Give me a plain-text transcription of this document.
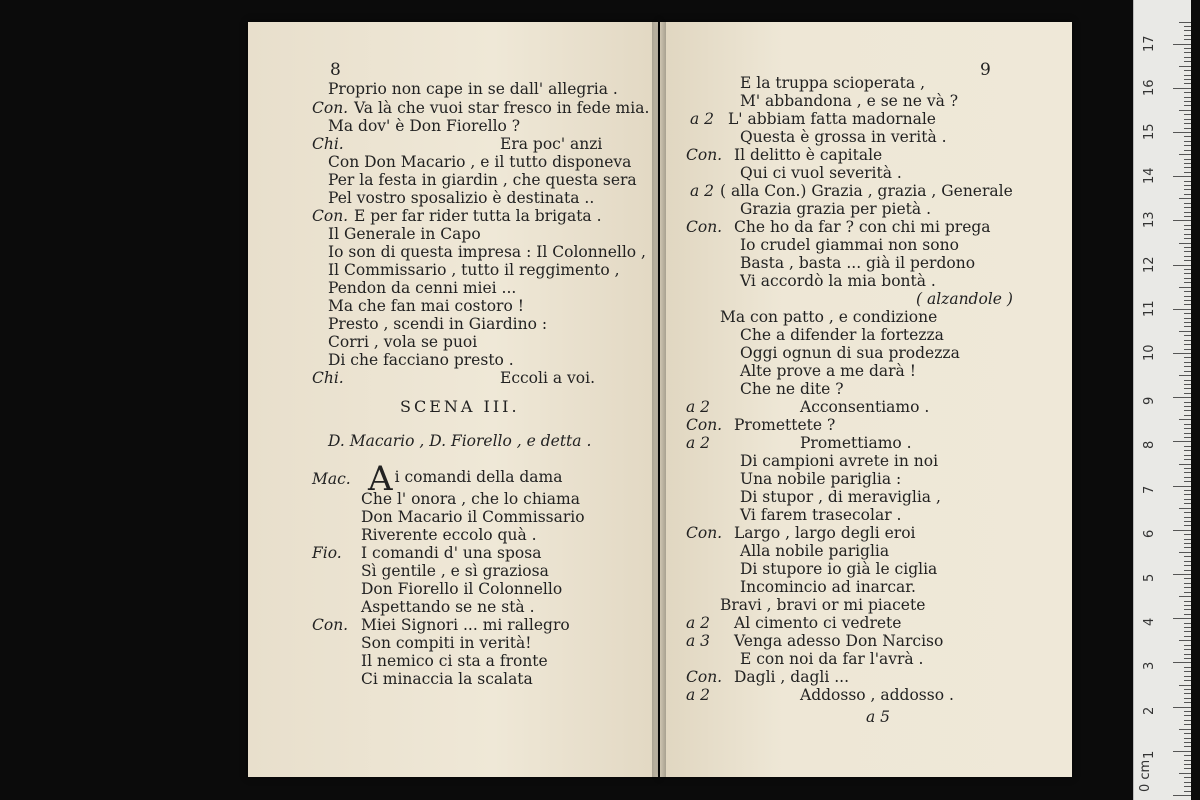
8
Proprio non cape in se dall' allegria .
Con. Va là che vuoi star fresco in fede mia.
Ma dov' è Don Fiorello ?
Chi.	Era poc' anzi
Con Don Macario , e il tutto disponeva
Per la festa in giardin , che questa sera
Pel vostro sposalizio è destinata ..
Con. E per far rider tutta la brigata .
Il Generale in Capo
Io son di questa impresa : Il Colonnello ,
Il Commissario , tutto il reggimento ,
Pendon da cenni miei ...
Ma che fan mai costoro !
Presto , scendi in Giardino :
Corri , vola se puoi
Di che facciano presto .
Chi.	Eccoli a voi.
SCENA III.
D. Macario , D. Fiorello , e detta .
Mac. Ai comandi della dama
Che l' onora , che lo chiama
Don Macario il Commissario
Riverente eccolo quà .
Fio. I comandi d' una sposa
Sì gentile , e sì graziosa
Don Fiorello il Colonnello
Aspettando se ne stà .
Con. Miei Signori ... mi rallegro
Son compiti in verità!
Il nemico ci sta a fronte
Ci minaccia la scalata
9
E la truppa scioperata ,
M' abbandona , e se ne và ?
a 2 L' abbiam fatta madornale
Questa è grossa in verità .
Con. Il delitto è capitale
Qui ci vuol severità .
a 2 ( alla Con.) Grazia , grazia , Generale
Grazia grazia per pietà .
Con. Che ho da far ? con chi mi prega
Io crudel giammai non sono
Basta , basta ... già il perdono
Vi accordò la mia bontà .
( alzandole )
Ma con patto , e condizione
Che a difender la fortezza
Oggi ognun di sua prodezza
Alte prove a me darà !
Che ne dite ?
a 2	Acconsentiamo .
Con. Promettete ?
a 2	Promettiamo .
Di campioni avrete in noi
Una nobile pariglia :
Di stupor , di meraviglia ,
Vi farem trasecolar .
Con. Largo , largo degli eroi
Alla nobile pariglia
Di stupore io già le ciglia
Incomincio ad inarcar.
Bravi , bravi or mi piacete
a 2 Al cimento ci vedrete
a 3 Venga adesso Don Narciso
E con noi da far l'avrà .
Con. Dagli , dagli ...
a 2	Addosso , addosso .
a 5
0 cm
1
2
3
4
5
6
7
8
9
10
11
12
13
14
15
16
17
